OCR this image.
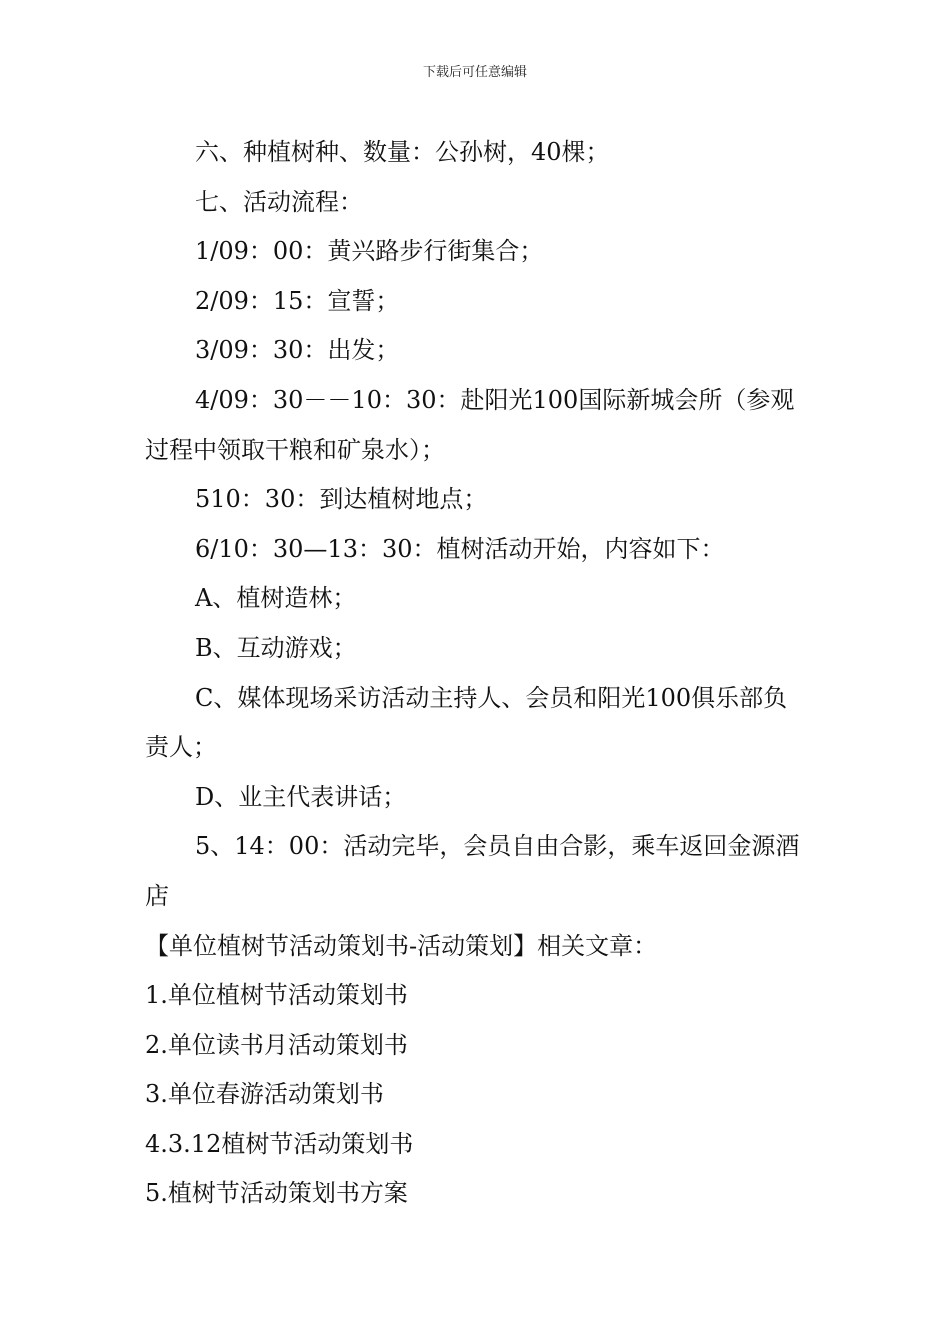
下载后可任意编辑

六、种植树种、数量：公孙树，40棵；

七、活动流程：

1/09：00：黄兴路步行街集合；

2/09：15：宣誓；

3/09：30：出发；

4/09：30－－10：30：赴阳光100国际新城会所（参观过程中领取干粮和矿泉水）；

510：30：到达植树地点；

6/10：30—13：30：植树活动开始，内容如下：

A、植树造林；

B、互动游戏；

C、媒体现场采访活动主持人、会员和阳光100俱乐部负责人；

D、业主代表讲话；

5、14：00：活动完毕，会员自由合影，乘车返回金源酒店

【单位植树节活动策划书-活动策划】相关文章：

1.单位植树节活动策划书

2.单位读书月活动策划书

3.单位春游活动策划书

4.3.12植树节活动策划书

5.植树节活动策划书方案
